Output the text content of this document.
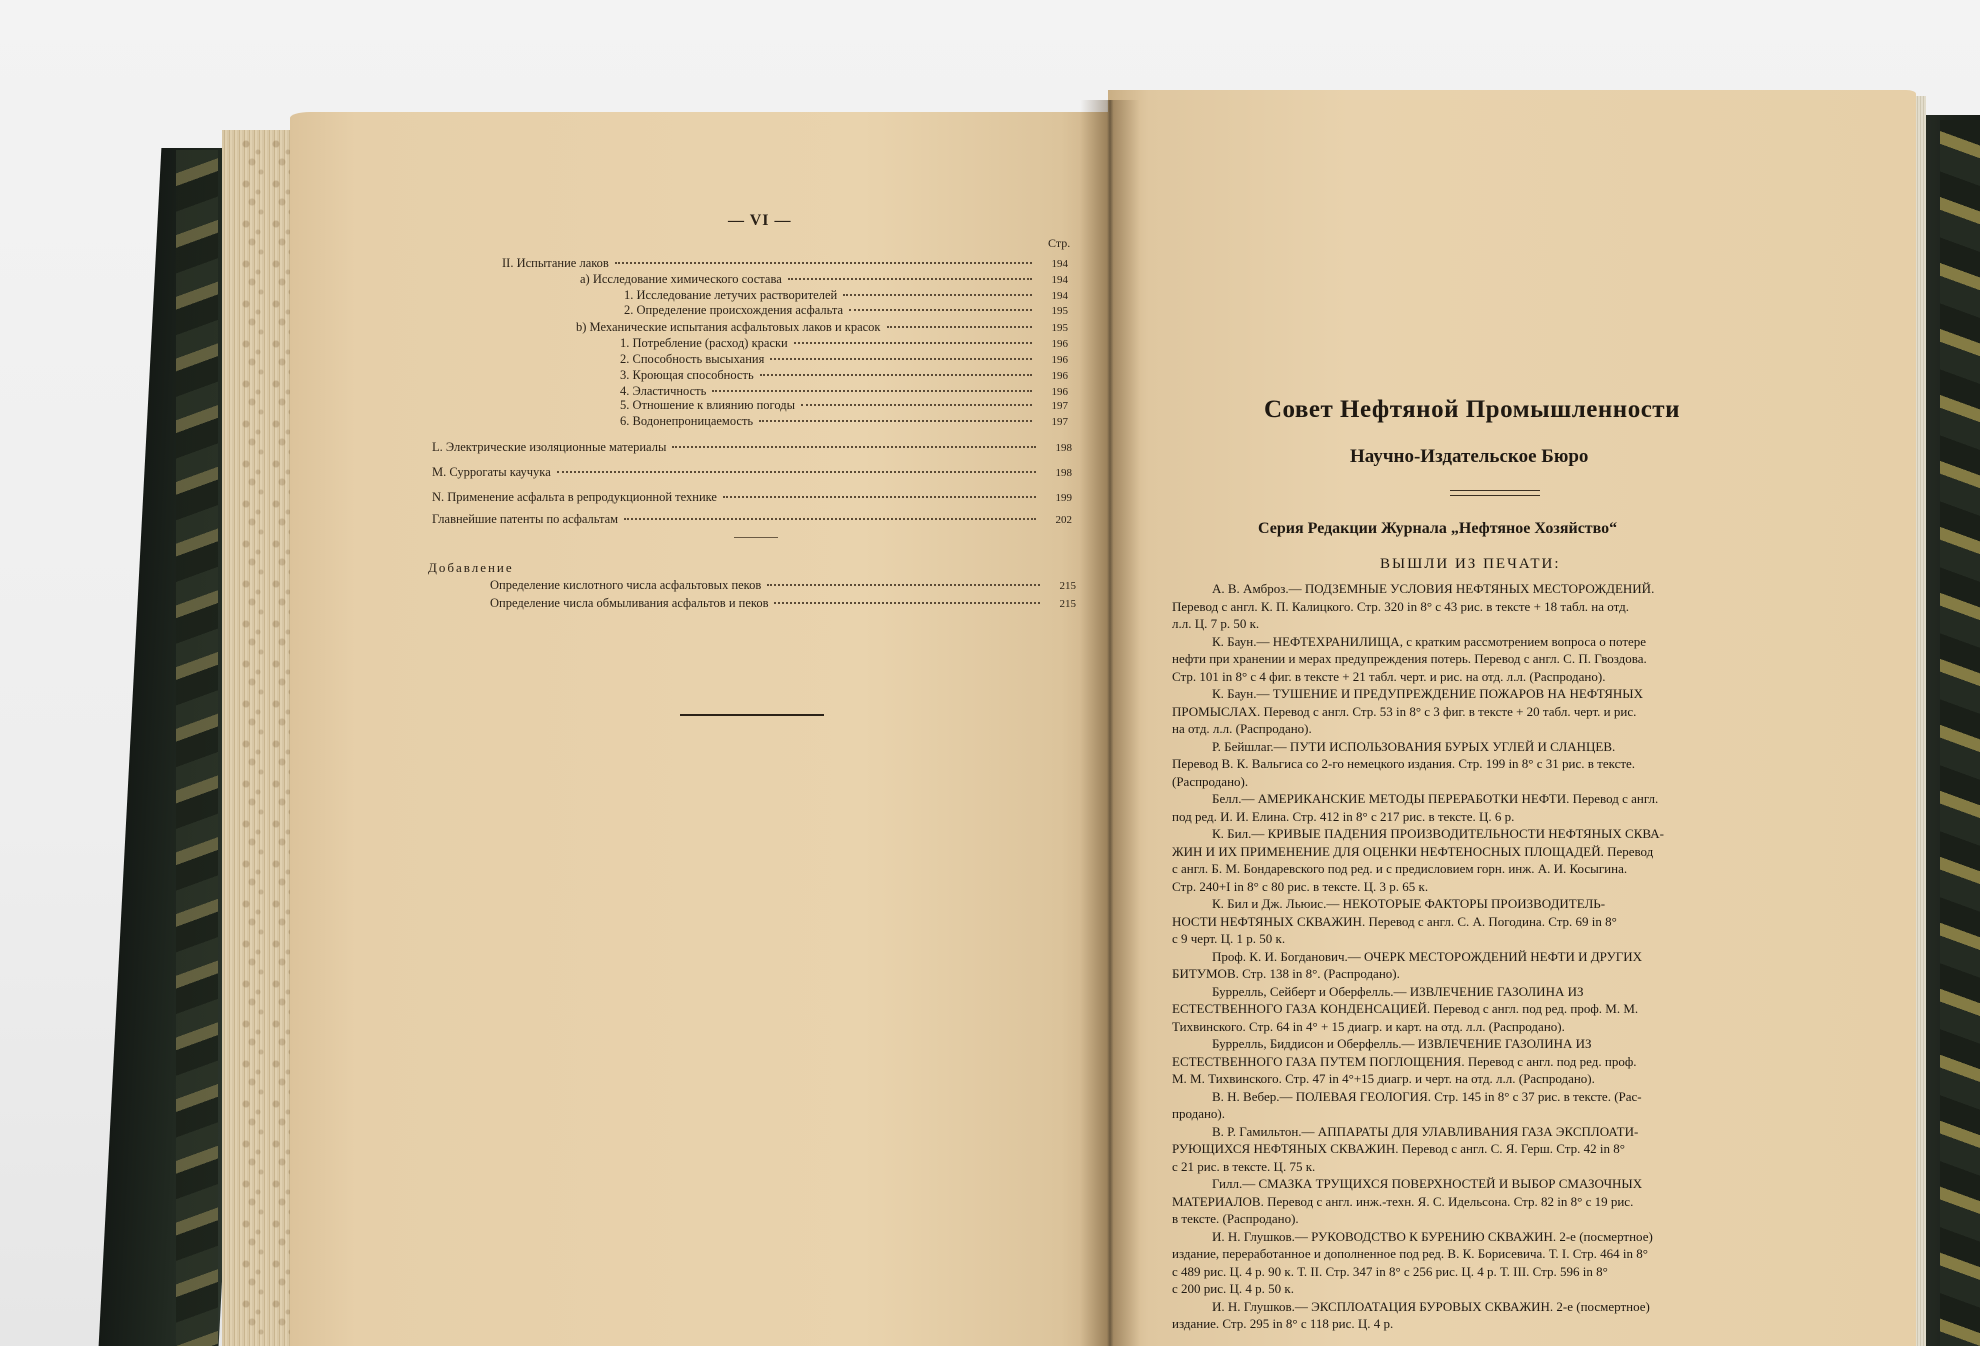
— VI —
Стр.
II. Испытание лаков	194
а) Исследование химического состава	194
1. Исследование летучих растворителей	194
2. Определение происхождения асфальта	195
b) Механические испытания асфальтовых лаков и красок	195
1. Потребление (расход) краски	196
2. Способность высыхания	196
3. Кроющая способность	196
4. Эластичность	196
5. Отношение к влиянию погоды	197
6. Водонепроницаемость	197
L. Электрические изоляционные материалы	198
M. Суррогаты каучука	198
N. Применение асфальта в репродукционной технике	199
Главнейшие патенты по асфальтам	202
Добавление
Определение кислотного числа асфальтовых пеков	215
Определение числа обмыливания асфальтов и пеков	215
Совет Нефтяной Промышленности
Научно-Издательское Бюро
Серия Редакции Журнала „Нефтяное Хозяйство“
ВЫШЛИ ИЗ ПЕЧАТИ:
А. В. Амброз.— ПОДЗЕМНЫЕ УСЛОВИЯ НЕФТЯНЫХ МЕСТОРОЖДЕНИЙ.
Перевод с англ. К. П. Калицкого. Стр. 320 in 8° с 43 рис. в тексте + 18 табл. на отд.
л.л. Ц. 7 р. 50 к.
К. Баун.— НЕФТЕХРАНИЛИЩА, с кратким рассмотрением вопроса о потере
нефти при хранении и мерах предупреждения потерь. Перевод с англ. С. П. Гвоздова.
Стр. 101 in 8° с 4 фиг. в тексте + 21 табл. черт. и рис. на отд. л.л. (Распродано).
К. Баун.— ТУШЕНИЕ И ПРЕДУПРЕЖДЕНИЕ ПОЖАРОВ НА НЕФТЯНЫХ
ПРОМЫСЛАХ. Перевод с англ. Стр. 53 in 8° с 3 фиг. в тексте + 20 табл. черт. и рис.
на отд. л.л. (Распродано).
Р. Бейшлаг.— ПУТИ ИСПОЛЬЗОВАНИЯ БУРЫХ УГЛЕЙ И СЛАНЦЕВ.
Перевод В. К. Вальгиса со 2-го немецкого издания. Стр. 199 in 8° с 31 рис. в тексте.
(Распродано).
Белл.— АМЕРИКАНСКИЕ МЕТОДЫ ПЕРЕРАБОТКИ НЕФТИ. Перевод с англ.
под ред. И. И. Елина. Стр. 412 in 8° с 217 рис. в тексте. Ц. 6 р.
К. Бил.— КРИВЫЕ ПАДЕНИЯ ПРОИЗВОДИТЕЛЬНОСТИ НЕФТЯНЫХ СКВА-
ЖИН И ИХ ПРИМЕНЕНИЕ ДЛЯ ОЦЕНКИ НЕФТЕНОСНЫХ ПЛОЩАДЕЙ. Перевод
с англ. Б. М. Бондаревского под ред. и с предисловием горн. инж. А. И. Косыгина.
Стр. 240+I in 8° с 80 рис. в тексте. Ц. 3 р. 65 к.
К. Бил и Дж. Льюис.— НЕКОТОРЫЕ ФАКТОРЫ ПРОИЗВОДИТЕЛЬ-
НОСТИ НЕФТЯНЫХ СКВАЖИН. Перевод с англ. С. А. Погодина. Стр. 69 in 8°
с 9 черт. Ц. 1 р. 50 к.
Проф. К. И. Богданович.— ОЧЕРК МЕСТОРОЖДЕНИЙ НЕФТИ И ДРУГИХ
БИТУМОВ. Стр. 138 in 8°. (Распродано).
Буррелль, Сейберт и Оберфелль.— ИЗВЛЕЧЕНИЕ ГАЗОЛИНА ИЗ
ЕСТЕСТВЕННОГО ГАЗА КОНДЕНСАЦИЕЙ. Перевод с англ. под ред. проф. М. М.
Тихвинского. Стр. 64 in 4° + 15 диагр. и карт. на отд. л.л. (Распродано).
Буррелль, Биддисон и Оберфелль.— ИЗВЛЕЧЕНИЕ ГАЗОЛИНА ИЗ
ЕСТЕСТВЕННОГО ГАЗА ПУТЕМ ПОГЛОЩЕНИЯ. Перевод с англ. под ред. проф.
М. М. Тихвинского. Стр. 47 in 4°+15 диагр. и черт. на отд. л.л. (Распродано).
В. Н. Вебер.— ПОЛЕВАЯ ГЕОЛОГИЯ. Стр. 145 in 8° с 37 рис. в тексте. (Рас-
продано).
В. Р. Гамильтон.— АППАРАТЫ ДЛЯ УЛАВЛИВАНИЯ ГАЗА ЭКСПЛОАТИ-
РУЮЩИХСЯ НЕФТЯНЫХ СКВАЖИН. Перевод с англ. С. Я. Герш. Стр. 42 in 8°
с 21 рис. в тексте. Ц. 75 к.
Гилл.— СМАЗКА ТРУЩИХСЯ ПОВЕРХНОСТЕЙ И ВЫБОР СМАЗОЧНЫХ
МАТЕРИАЛОВ. Перевод с англ. инж.-техн. Я. С. Идельсона. Стр. 82 in 8° с 19 рис.
в тексте. (Распродано).
И. Н. Глушков.— РУКОВОДСТВО К БУРЕНИЮ СКВАЖИН. 2-е (посмертное)
издание, переработанное и дополненное под ред. В. К. Борисевича. Т. I. Стр. 464 in 8°
с 489 рис. Ц. 4 р. 90 к. Т. II. Стр. 347 in 8° с 256 рис. Ц. 4 р. Т. III. Стр. 596 in 8°
с 200 рис. Ц. 4 р. 50 к.
И. Н. Глушков.— ЭКСПЛОАТАЦИЯ БУРОВЫХ СКВАЖИН. 2-е (посмертное)
издание. Стр. 295 in 8° с 118 рис. Ц. 4 р.
